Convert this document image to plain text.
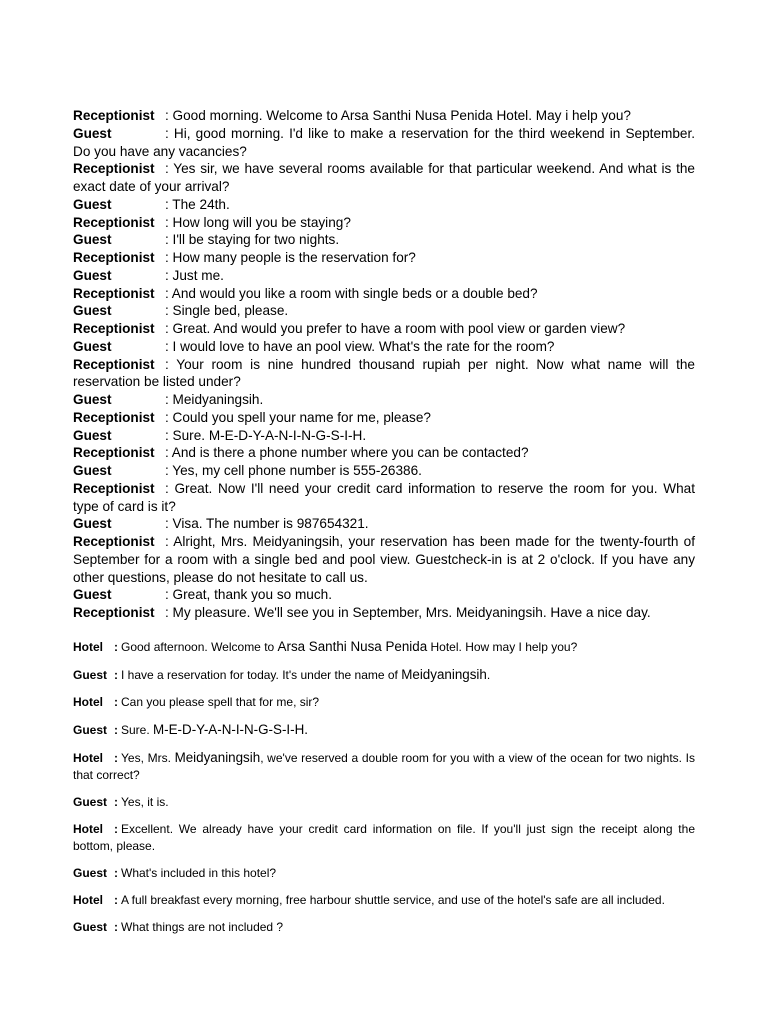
Receptionist : Good morning. Welcome to Arsa Santhi Nusa Penida Hotel. May i help you?

Guest	: Hi, good morning. I'd like to make a reservation for the third weekend in September. Do you have any vacancies?

Receptionist : Yes sir, we have several rooms available for that particular weekend. And what is the exact date of your arrival?

Guest	: The 24th.

Receptionist : How long will you be staying?

Guest	: I'll be staying for two nights.

Receptionist : How many people is the reservation for?

Guest	: Just me.

Receptionist : And would you like a room with single beds or a double bed?

Guest	: Single bed, please.

Receptionist : Great. And would you prefer to have a room with pool view or garden view?

Guest	: I would love to have an pool view. What's the rate for the room?

Receptionist : Your room is nine hundred thousand rupiah per night. Now what name will the reservation be listed under?

Guest	: Meidyaningsih.

Receptionist : Could you spell your name for me, please?

Guest	: Sure. M-E-D-Y-A-N-I-N-G-S-I-H.

Receptionist : And is there a phone number where you can be contacted?

Guest	: Yes, my cell phone number is 555-26386.

Receptionist : Great. Now I'll need your credit card information to reserve the room for you. What type of card is it?

Guest	: Visa. The number is 987654321.

Receptionist : Alright, Mrs. Meidyaningsih, your reservation has been made for the twenty-fourth of September for a room with a single bed and pool view. Guestcheck-in is at 2 o'clock. If you have any other questions, please do not hesitate to call us.

Guest	: Great, thank you so much.

Receptionist : My pleasure. We'll see you in September, Mrs. Meidyaningsih. Have a nice day.

Hotel : Good afternoon. Welcome to Arsa Santhi Nusa Penida Hotel. How may I help you?

Guest : I have a reservation for today. It's under the name of Meidyaningsih.

Hotel : Can you please spell that for me, sir?

Guest : Sure. M-E-D-Y-A-N-I-N-G-S-I-H.

Hotel : Yes, Mrs. Meidyaningsih, we've reserved a double room for you with a view of the ocean for two nights. Is that correct?

Guest : Yes, it is.

Hotel : Excellent. We already have your credit card information on file. If you'll just sign the receipt along the bottom, please.

Guest : What's included in this hotel?

Hotel : A full breakfast every morning, free harbour shuttle service, and use of the hotel's safe are all included.

Guest : What things are not included ?
